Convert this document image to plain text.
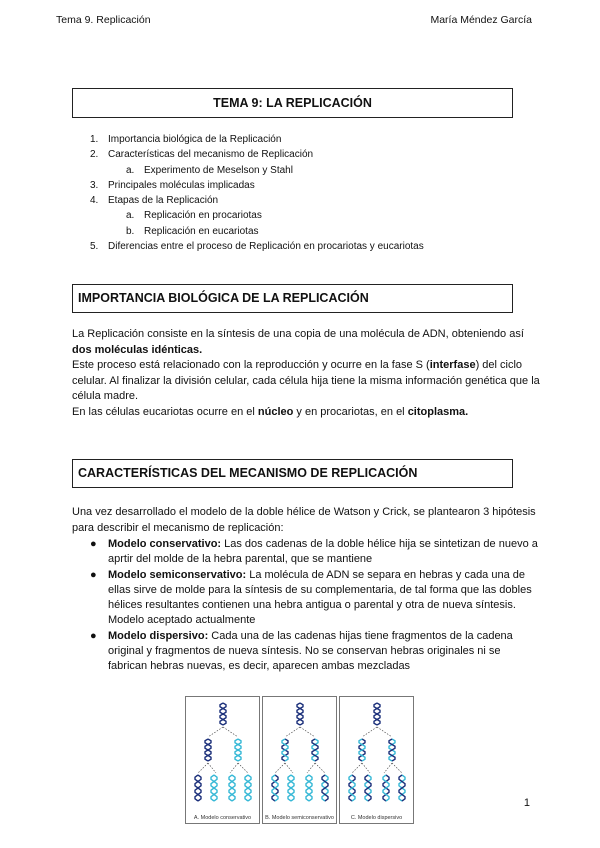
Tema 9. Replicación	María Méndez García
TEMA 9: LA REPLICACIÓN
1. Importancia biológica de la Replicación
2. Características del mecanismo de Replicación
a. Experimento de Meselson y Stahl
3. Principales moléculas implicadas
4. Etapas de la Replicación
a. Replicación en procariotas
b. Replicación en eucariotas
5. Diferencias entre el proceso de Replicación en procariotas y eucariotas
IMPORTANCIA BIOLÓGICA DE LA REPLICACIÓN

La Replicación consiste en la síntesis de una copia de una molécula de ADN, obteniendo así dos moléculas idénticas.

Este proceso está relacionado con la reproducción y ocurre en la fase S (interfase) del ciclo celular. Al finalizar la división celular, cada célula hija tiene la misma información genética que la célula madre.

En las células eucariotas ocurre en el núcleo y en procariotas, en el citoplasma.

CARACTERÍSTICAS DEL MECANISMO DE REPLICACIÓN

Una vez desarrollado el modelo de la doble hélice de Watson y Crick, se plantearon 3 hipótesis para describir el mecanismo de replicación:

● Modelo conservativo: Las dos cadenas de la doble hélice hija se sintetizan de nuevo a aprtir del molde de la hebra parental, que se mantiene
● Modelo semiconservativo: La molécula de ADN se separa en hebras y cada una de ellas sirve de molde para la síntesis de su complementaria, de tal forma que las dobles hélices resultantes contienen una hebra antigua o parental y otra de nueva síntesis. Modelo aceptado actualmente
● Modelo dispersivo: Cada una de las cadenas hijas tiene fragmentos de la cadena original y fragmentos de nueva síntesis. No se conservan hebras originales ni se fabrican hebras nuevas, es decir, aparecen ambas mezcladas
A. Modelo conservativo	B. Modelo semiconservativo	C. Modelo dispersivo
1
